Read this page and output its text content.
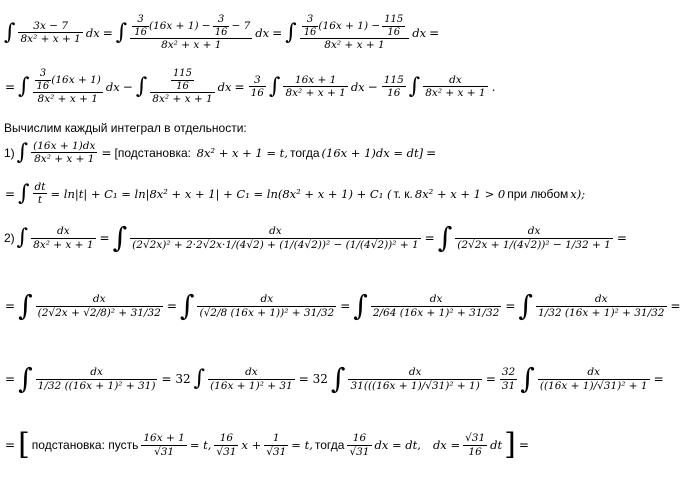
∫ $\frac{3x - 7}{\text{8x² + x + 1}}$ dx = ∫ $\frac{\frac{3}{16} (16x + 1) - \frac{3}{16} - 7}{\text{8x² + x + 1}}$ dx = ∫ $\frac{\frac{3}{16} (16x + 1) - \frac{115}{16}}{\text{8x² + x + 1}}$ dx =
= ∫ $\frac{\frac{3}{16} (16x + 1)}{\text{8x² + x + 1}}$ dx − ∫ $\frac{\frac{115}{16}}{\text{8x² + x + 1}}$ dx = $\frac{3}{16}$ ∫ $\frac{16x + 1}{\text{8x² + x + 1}}$ dx − $\frac{115}{16}$ ∫ $\frac{dx}{\text{8x² + x + 1}}$ .
Вычислим каждый интеграл в отдельности:
1) ∫ $\frac{(16x + 1)dx}{\text{8x² + x + 1}}$ = [подстановка: 8x² + x + 1 = t, тогда (16x + 1)dx = dt] =
= ∫ $\frac{dt}{t} = \ln|t| + C_1 = \ln|8x^2 + x + 1| + C_1 = \ln(8x^2 + x + 1) + C_1$ ( т. к. 8x² + x + 1 > 0 при любом x);
2) ∫ $\frac{dx}{\text{8x² + x + 1}}$ = ∫ $\frac{dx}{\text{(2√2x)² + 2·2√2x·1/(4√2) + (1/(4√2))² − (1/(4√2))² + 1}}$ = ∫ $\frac{dx}{\text{(2√2x + 1/(4√2))² − 1/32 + 1}}$ =
= ∫ $\frac{dx}{\text{(2√2x + √2/8)² + 31/32}}$ = ∫ $\frac{dx}{\text{(√2/8 (16x + 1))² + 31/32}}$ = ∫ $\frac{dx}{\text{2/64 (16x + 1)² + 31/32}}$ = ∫ $\frac{dx}{\text{1/32 (16x + 1)² + 31/32}}$ =
= ∫ $\frac{dx}{\text{1/32 ((16x + 1)² + 31)}} = 32$ ∫ $\frac{dx}{\text{(16x + 1)² + 31}} = 32$ ∫ $\frac{dx}{\text{31(((16x + 1)/√31)² + 1)}} = \frac{32}{31}$ ∫ $\frac{dx}{\text{((16x + 1)/√31)² + 1}}$ =
= [ подстановка: пусть $\frac{16x + 1}{√31} = t$, $\frac{16}{√31}$ $x + \frac{1}{√31} = t$, тогда $\frac{16}{√31}$ dx = dt, dx = $\frac{√31}{16}$ dt ] =
